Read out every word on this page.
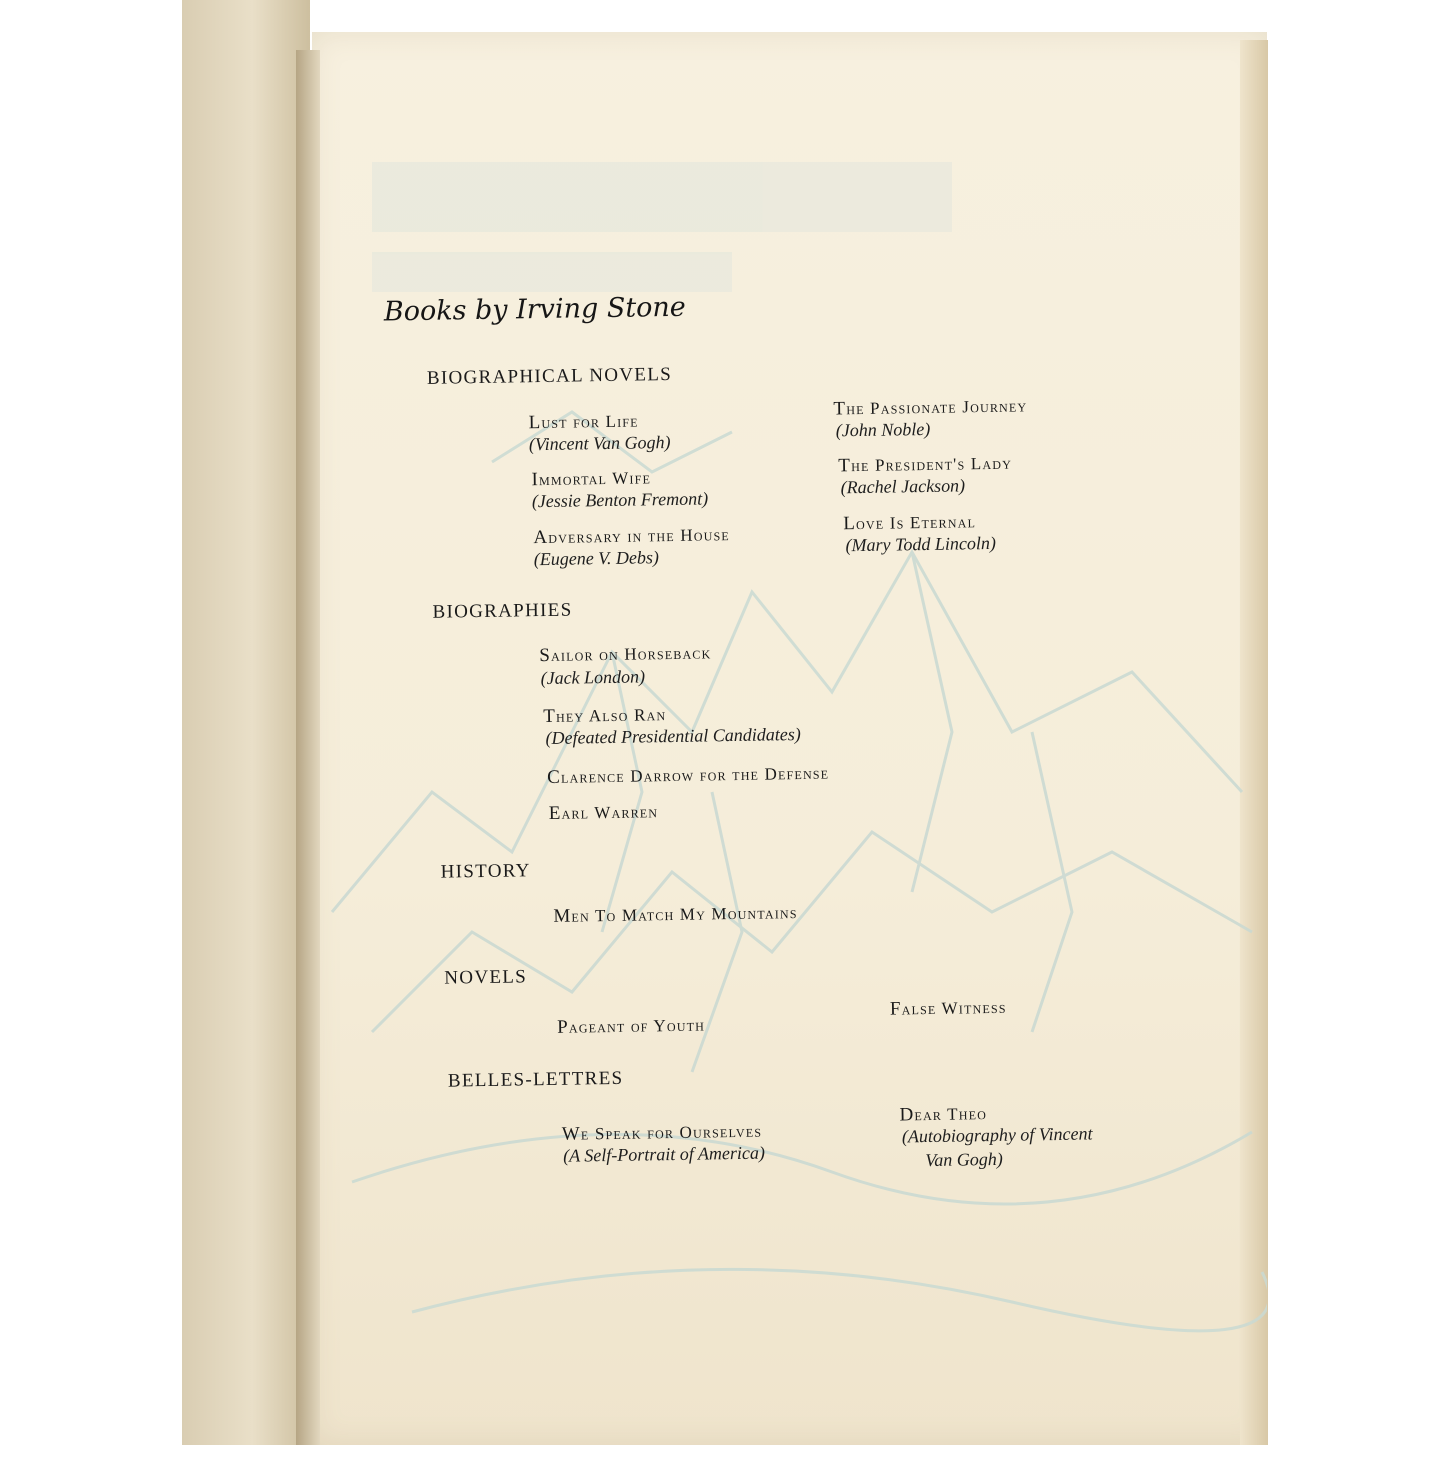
Books by Irving Stone
BIOGRAPHICAL NOVELS
Lust for Life
(Vincent Van Gogh)
Immortal Wife
(Jessie Benton Fremont)
Adversary in the House
(Eugene V. Debs)
The Passionate Journey
(John Noble)
The President's Lady
(Rachel Jackson)
Love Is Eternal
(Mary Todd Lincoln)
BIOGRAPHIES
Sailor on Horseback
(Jack London)
They Also Ran
(Defeated Presidential Candidates)
Clarence Darrow for the Defense
Earl Warren
HISTORY
Men To Match My Mountains
NOVELS
Pageant of Youth
False Witness
BELLES-LETTRES
We Speak for Ourselves
(A Self-Portrait of America)
Dear Theo
(Autobiography of Vincent
Van Gogh)
